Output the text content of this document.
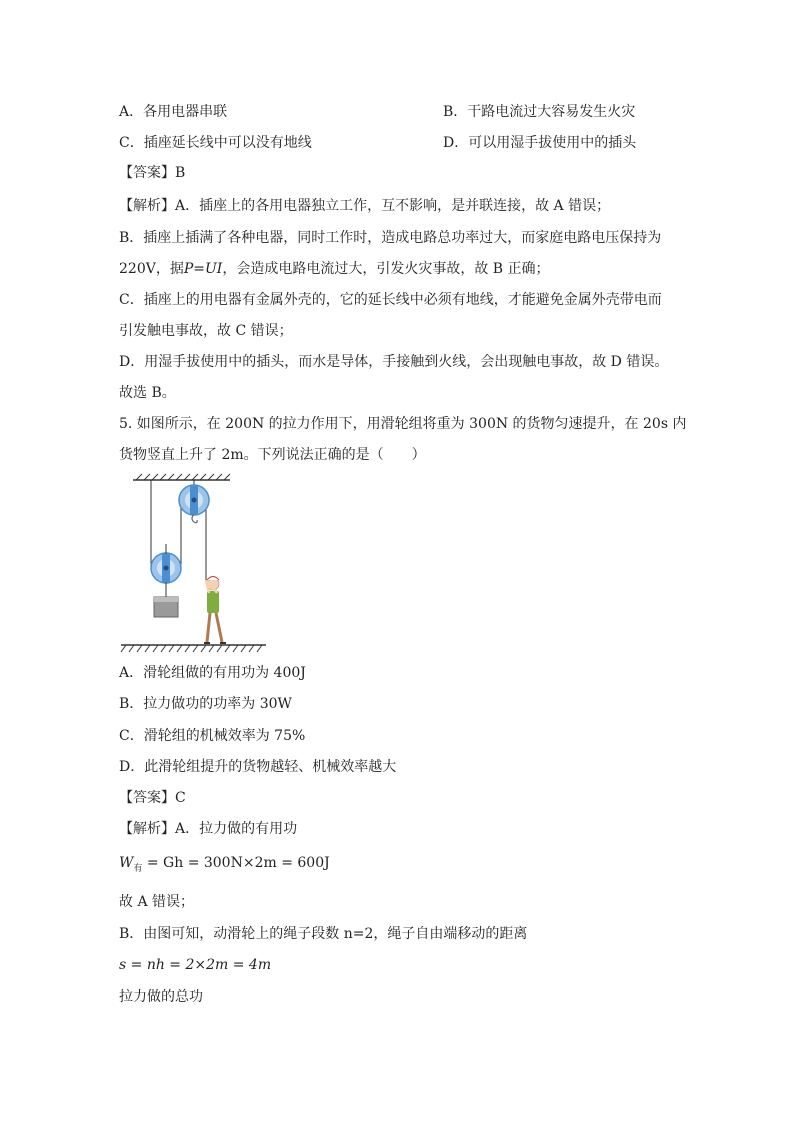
A．各用电器串联	B．干路电流过大容易发生火灾
C．插座延长线中可以没有地线	D．可以用湿手拔使用中的插头
【答案】B
【解析】A．插座上的各用电器独立工作，互不影响，是并联连接，故 A 错误；
B．插座上插满了各种电器，同时工作时，造成电路总功率过大，而家庭电路电压保持为
220V，据P=UI，会造成电路电流过大，引发火灾事故，故 B 正确；
C．插座上的用电器有金属外壳的，它的延长线中必须有地线，才能避免金属外壳带电而
引发触电事故，故 C 错误；
D．用湿手拔使用中的插头，而水是导体，手接触到火线，会出现触电事故，故 D 错误。
故选 B。
5. 如图所示，在 200N 的拉力作用下，用滑轮组将重为 300N 的货物匀速提升，在 20s 内
货物竖直上升了 2m。下列说法正确的是（　　）
A．滑轮组做的有用功为 400J
B．拉力做功的功率为 30W
C．滑轮组的机械效率为 75%
D．此滑轮组提升的货物越轻、机械效率越大
【答案】C
【解析】A．拉力做的有用功
$W_有 = Gh = 300N\times 2m = 600J$
故 A 错误；
B．由图可知，动滑轮上的绳子段数 n=2，绳子自由端移动的距离
s = nh = 2×2m = 4m
拉力做的总功
